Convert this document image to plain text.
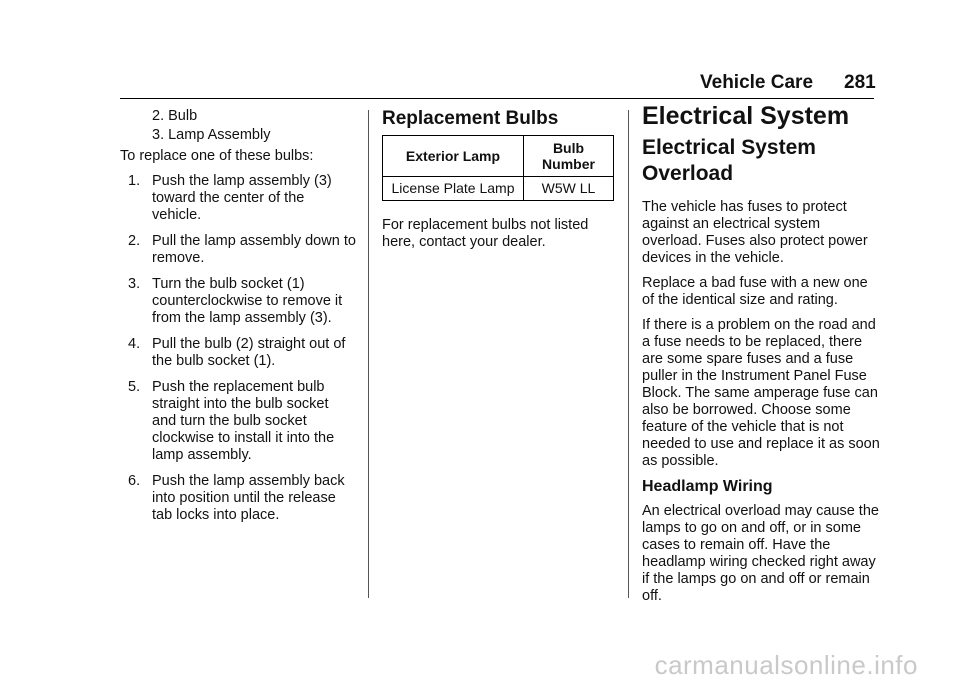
Vehicle Care 281
2. Bulb
3. Lamp Assembly

To replace one of these bulbs:

1. Push the lamp assembly (3) toward the center of the vehicle.
2. Pull the lamp assembly down to remove.
3. Turn the bulb socket (1) counterclockwise to remove it from the lamp assembly (3).
4. Pull the bulb (2) straight out of the bulb socket (1).
5. Push the replacement bulb straight into the bulb socket and turn the bulb socket clockwise to install it into the lamp assembly.
6. Push the lamp assembly back into position until the release tab locks into place.
Replacement Bulbs
Exterior Lamp	Bulb Number
License Plate Lamp	W5W LL

For replacement bulbs not listed here, contact your dealer.

Electrical System
Electrical System Overload

The vehicle has fuses to protect against an electrical system overload. Fuses also protect power devices in the vehicle.

Replace a bad fuse with a new one of the identical size and rating.

If there is a problem on the road and a fuse needs to be replaced, there are some spare fuses and a fuse puller in the Instrument Panel Fuse Block. The same amperage fuse can also be borrowed. Choose some feature of the vehicle that is not needed to use and replace it as soon as possible.

Headlamp Wiring

An electrical overload may cause the lamps to go on and off, or in some cases to remain off. Have the headlamp wiring checked right away if the lamps go on and off or remain off.

carmanualsonline.info
